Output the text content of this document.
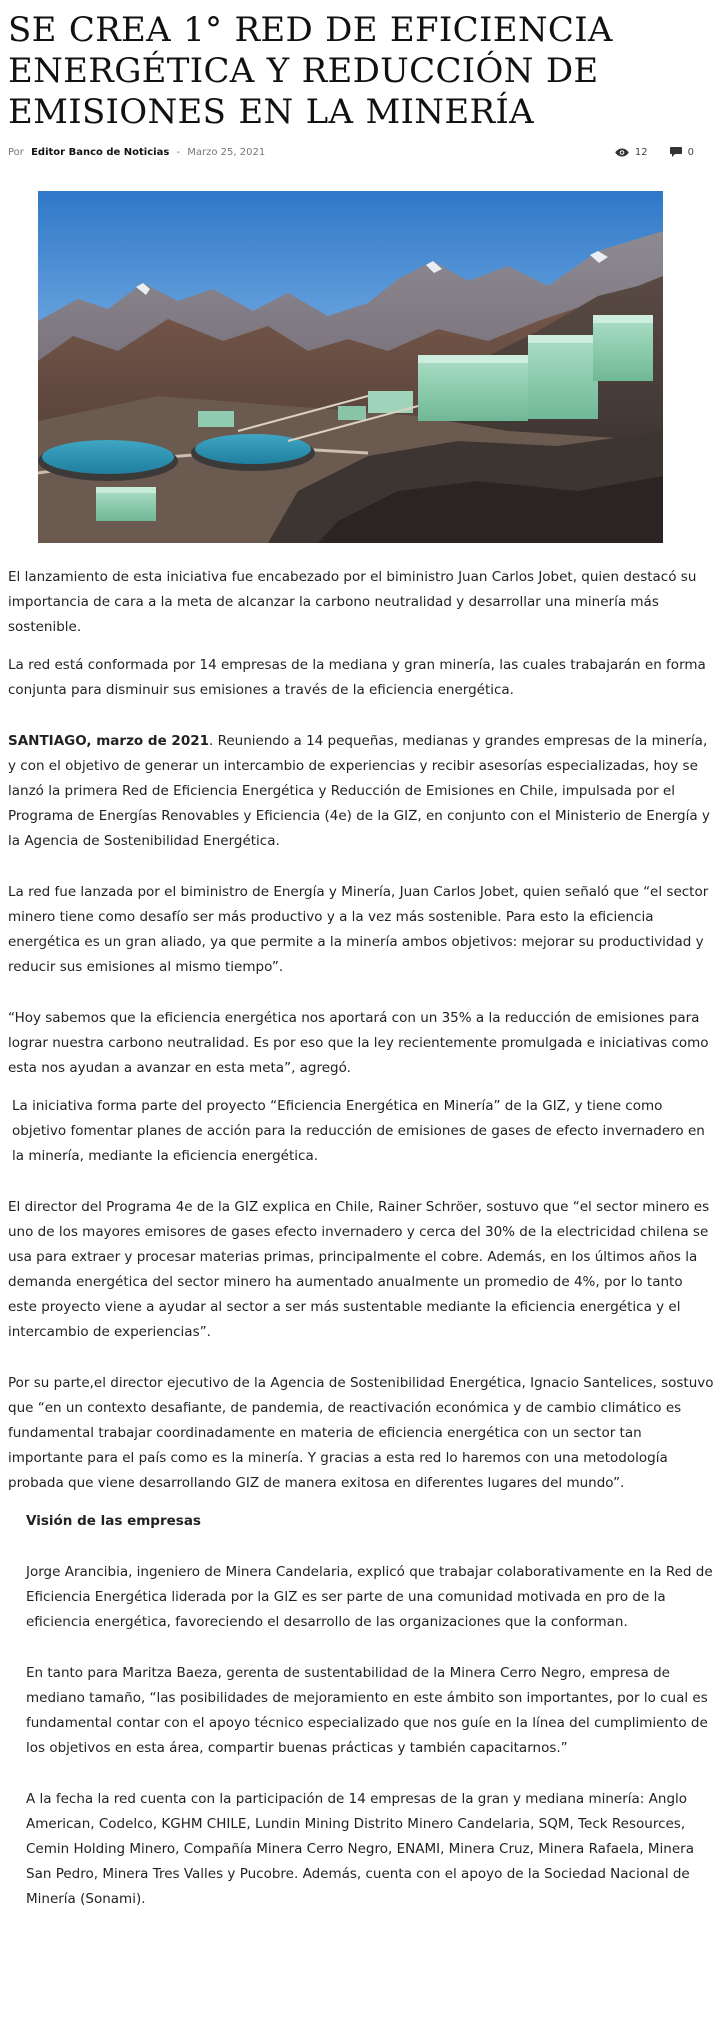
SE CREA 1° RED DE EFICIENCIA ENERGÉTICA Y REDUCCIÓN DE EMISIONES EN LA MINERÍA
Por Editor Banco de Noticias - Marzo 25, 2021	12	0

El lanzamiento de esta iniciativa fue encabezado por el biministro Juan Carlos Jobet, quien destacó su importancia de cara a la meta de alcanzar la carbono neutralidad y desarrollar una minería más sostenible.

La red está conformada por 14 empresas de la mediana y gran minería, las cuales trabajarán en forma conjunta para disminuir sus emisiones a través de la eficiencia energética.

SANTIAGO, marzo de 2021. Reuniendo a 14 pequeñas, medianas y grandes empresas de la minería, y con el objetivo de generar un intercambio de experiencias y recibir asesorías especializadas, hoy se lanzó la primera Red de Eficiencia Energética y Reducción de Emisiones en Chile, impulsada por el Programa de Energías Renovables y Eficiencia (4e) de la GIZ, en conjunto con el Ministerio de Energía y la Agencia de Sostenibilidad Energética.

La red fue lanzada por el biministro de Energía y Minería, Juan Carlos Jobet, quien señaló que “el sector minero tiene como desafío ser más productivo y a la vez más sostenible. Para esto la eficiencia energética es un gran aliado, ya que permite a la minería ambos objetivos: mejorar su productividad y reducir sus emisiones al mismo tiempo”.

“Hoy sabemos que la eficiencia energética nos aportará con un 35% a la reducción de emisiones para lograr nuestra carbono neutralidad. Es por eso que la ley recientemente promulgada e iniciativas como esta nos ayudan a avanzar en esta meta”, agregó.

La iniciativa forma parte del proyecto “Eficiencia Energética en Minería” de la GIZ, y tiene como objetivo fomentar planes de acción para la reducción de emisiones de gases de efecto invernadero en la minería, mediante la eficiencia energética.

El director del Programa 4e de la GIZ explica en Chile, Rainer Schröer, sostuvo que “el sector minero es uno de los mayores emisores de gases efecto invernadero y cerca del 30% de la electricidad chilena se usa para extraer y procesar materias primas, principalmente el cobre. Además, en los últimos años la demanda energética del sector minero ha aumentado anualmente un promedio de 4%, por lo tanto este proyecto viene a ayudar al sector a ser más sustentable mediante la eficiencia energética y el intercambio de experiencias”.

Por su parte,el director ejecutivo de la Agencia de Sostenibilidad Energética, Ignacio Santelices, sostuvo que “en un contexto desafiante, de pandemia, de reactivación económica y de cambio climático es fundamental trabajar coordinadamente en materia de eficiencia energética con un sector tan importante para el país como es la minería. Y gracias a esta red lo haremos con una metodología probada que viene desarrollando GIZ de manera exitosa en diferentes lugares del mundo”.

Visión de las empresas

Jorge Arancibia, ingeniero de Minera Candelaria, explicó que trabajar colaborativamente en la Red de Eficiencia Energética liderada por la GIZ es ser parte de una comunidad motivada en pro de la eficiencia energética, favoreciendo el desarrollo de las organizaciones que la conforman.

En tanto para Maritza Baeza, gerenta de sustentabilidad de la Minera Cerro Negro, empresa de mediano tamaño, “las posibilidades de mejoramiento en este ámbito son importantes, por lo cual es fundamental contar con el apoyo técnico especializado que nos guíe en la línea del cumplimiento de los objetivos en esta área, compartir buenas prácticas y también capacitarnos.”

A la fecha la red cuenta con la participación de 14 empresas de la gran y mediana minería: Anglo American, Codelco, KGHM CHILE, Lundin Mining Distrito Minero Candelaria, SQM, Teck Resources, Cemin Holding Minero, Compañía Minera Cerro Negro, ENAMI, Minera Cruz, Minera Rafaela, Minera San Pedro, Minera Tres Valles y Pucobre. Además, cuenta con el apoyo de la Sociedad Nacional de Minería (Sonami).
